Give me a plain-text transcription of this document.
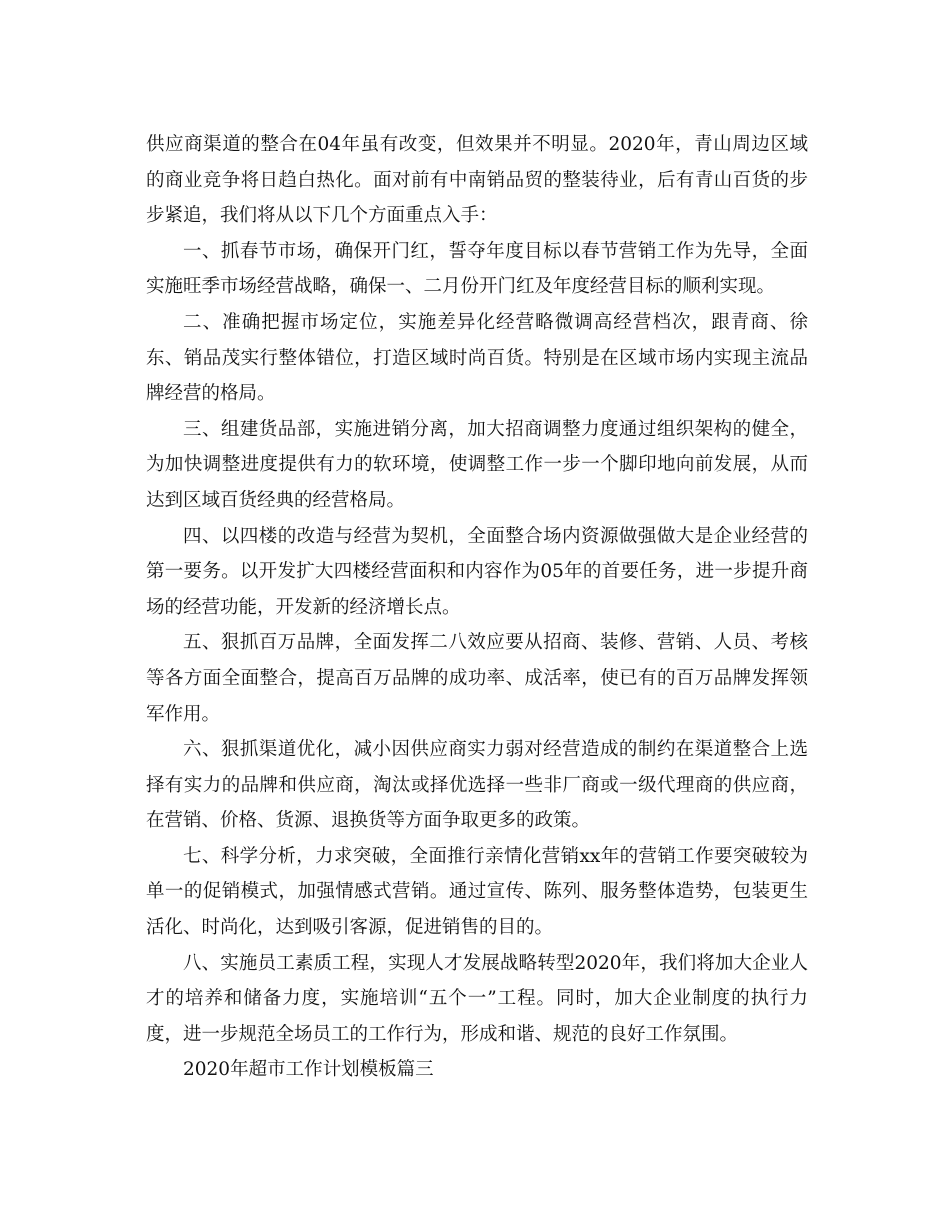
供应商渠道的整合在04年虽有改变，但效果并不明显。2020年，青山周边区域的商业竞争将日趋白热化。面对前有中南销品贸的整装待业，后有青山百货的步步紧追，我们将从以下几个方面重点入手：

一、抓春节市场，确保开门红，誓夺年度目标以春节营销工作为先导，全面实施旺季市场经营战略，确保一、二月份开门红及年度经营目标的顺利实现。

二、准确把握市场定位，实施差异化经营略微调高经营档次，跟青商、徐东、销品茂实行整体错位，打造区域时尚百货。特别是在区域市场内实现主流品牌经营的格局。

三、组建货品部，实施进销分离，加大招商调整力度通过组织架构的健全，为加快调整进度提供有力的软环境，使调整工作一步一个脚印地向前发展，从而达到区域百货经典的经营格局。

四、以四楼的改造与经营为契机，全面整合场内资源做强做大是企业经营的第一要务。以开发扩大四楼经营面积和内容作为05年的首要任务，进一步提升商场的经营功能，开发新的经济增长点。

五、狠抓百万品牌，全面发挥二八效应要从招商、装修、营销、人员、考核等各方面全面整合，提高百万品牌的成功率、成活率，使已有的百万品牌发挥领军作用。

六、狠抓渠道优化，减小因供应商实力弱对经营造成的制约在渠道整合上选择有实力的品牌和供应商，淘汰或择优选择一些非厂商或一级代理商的供应商，在营销、价格、货源、退换货等方面争取更多的政策。

七、科学分析，力求突破，全面推行亲情化营销xx年的营销工作要突破较为单一的促销模式，加强情感式营销。通过宣传、陈列、服务整体造势，包装更生活化、时尚化，达到吸引客源，促进销售的目的。

八、实施员工素质工程，实现人才发展战略转型2020年，我们将加大企业人才的培养和储备力度，实施培训“五个一”工程。同时，加大企业制度的执行力度，进一步规范全场员工的工作行为，形成和谐、规范的良好工作氛围。

2020年超市工作计划模板篇三
